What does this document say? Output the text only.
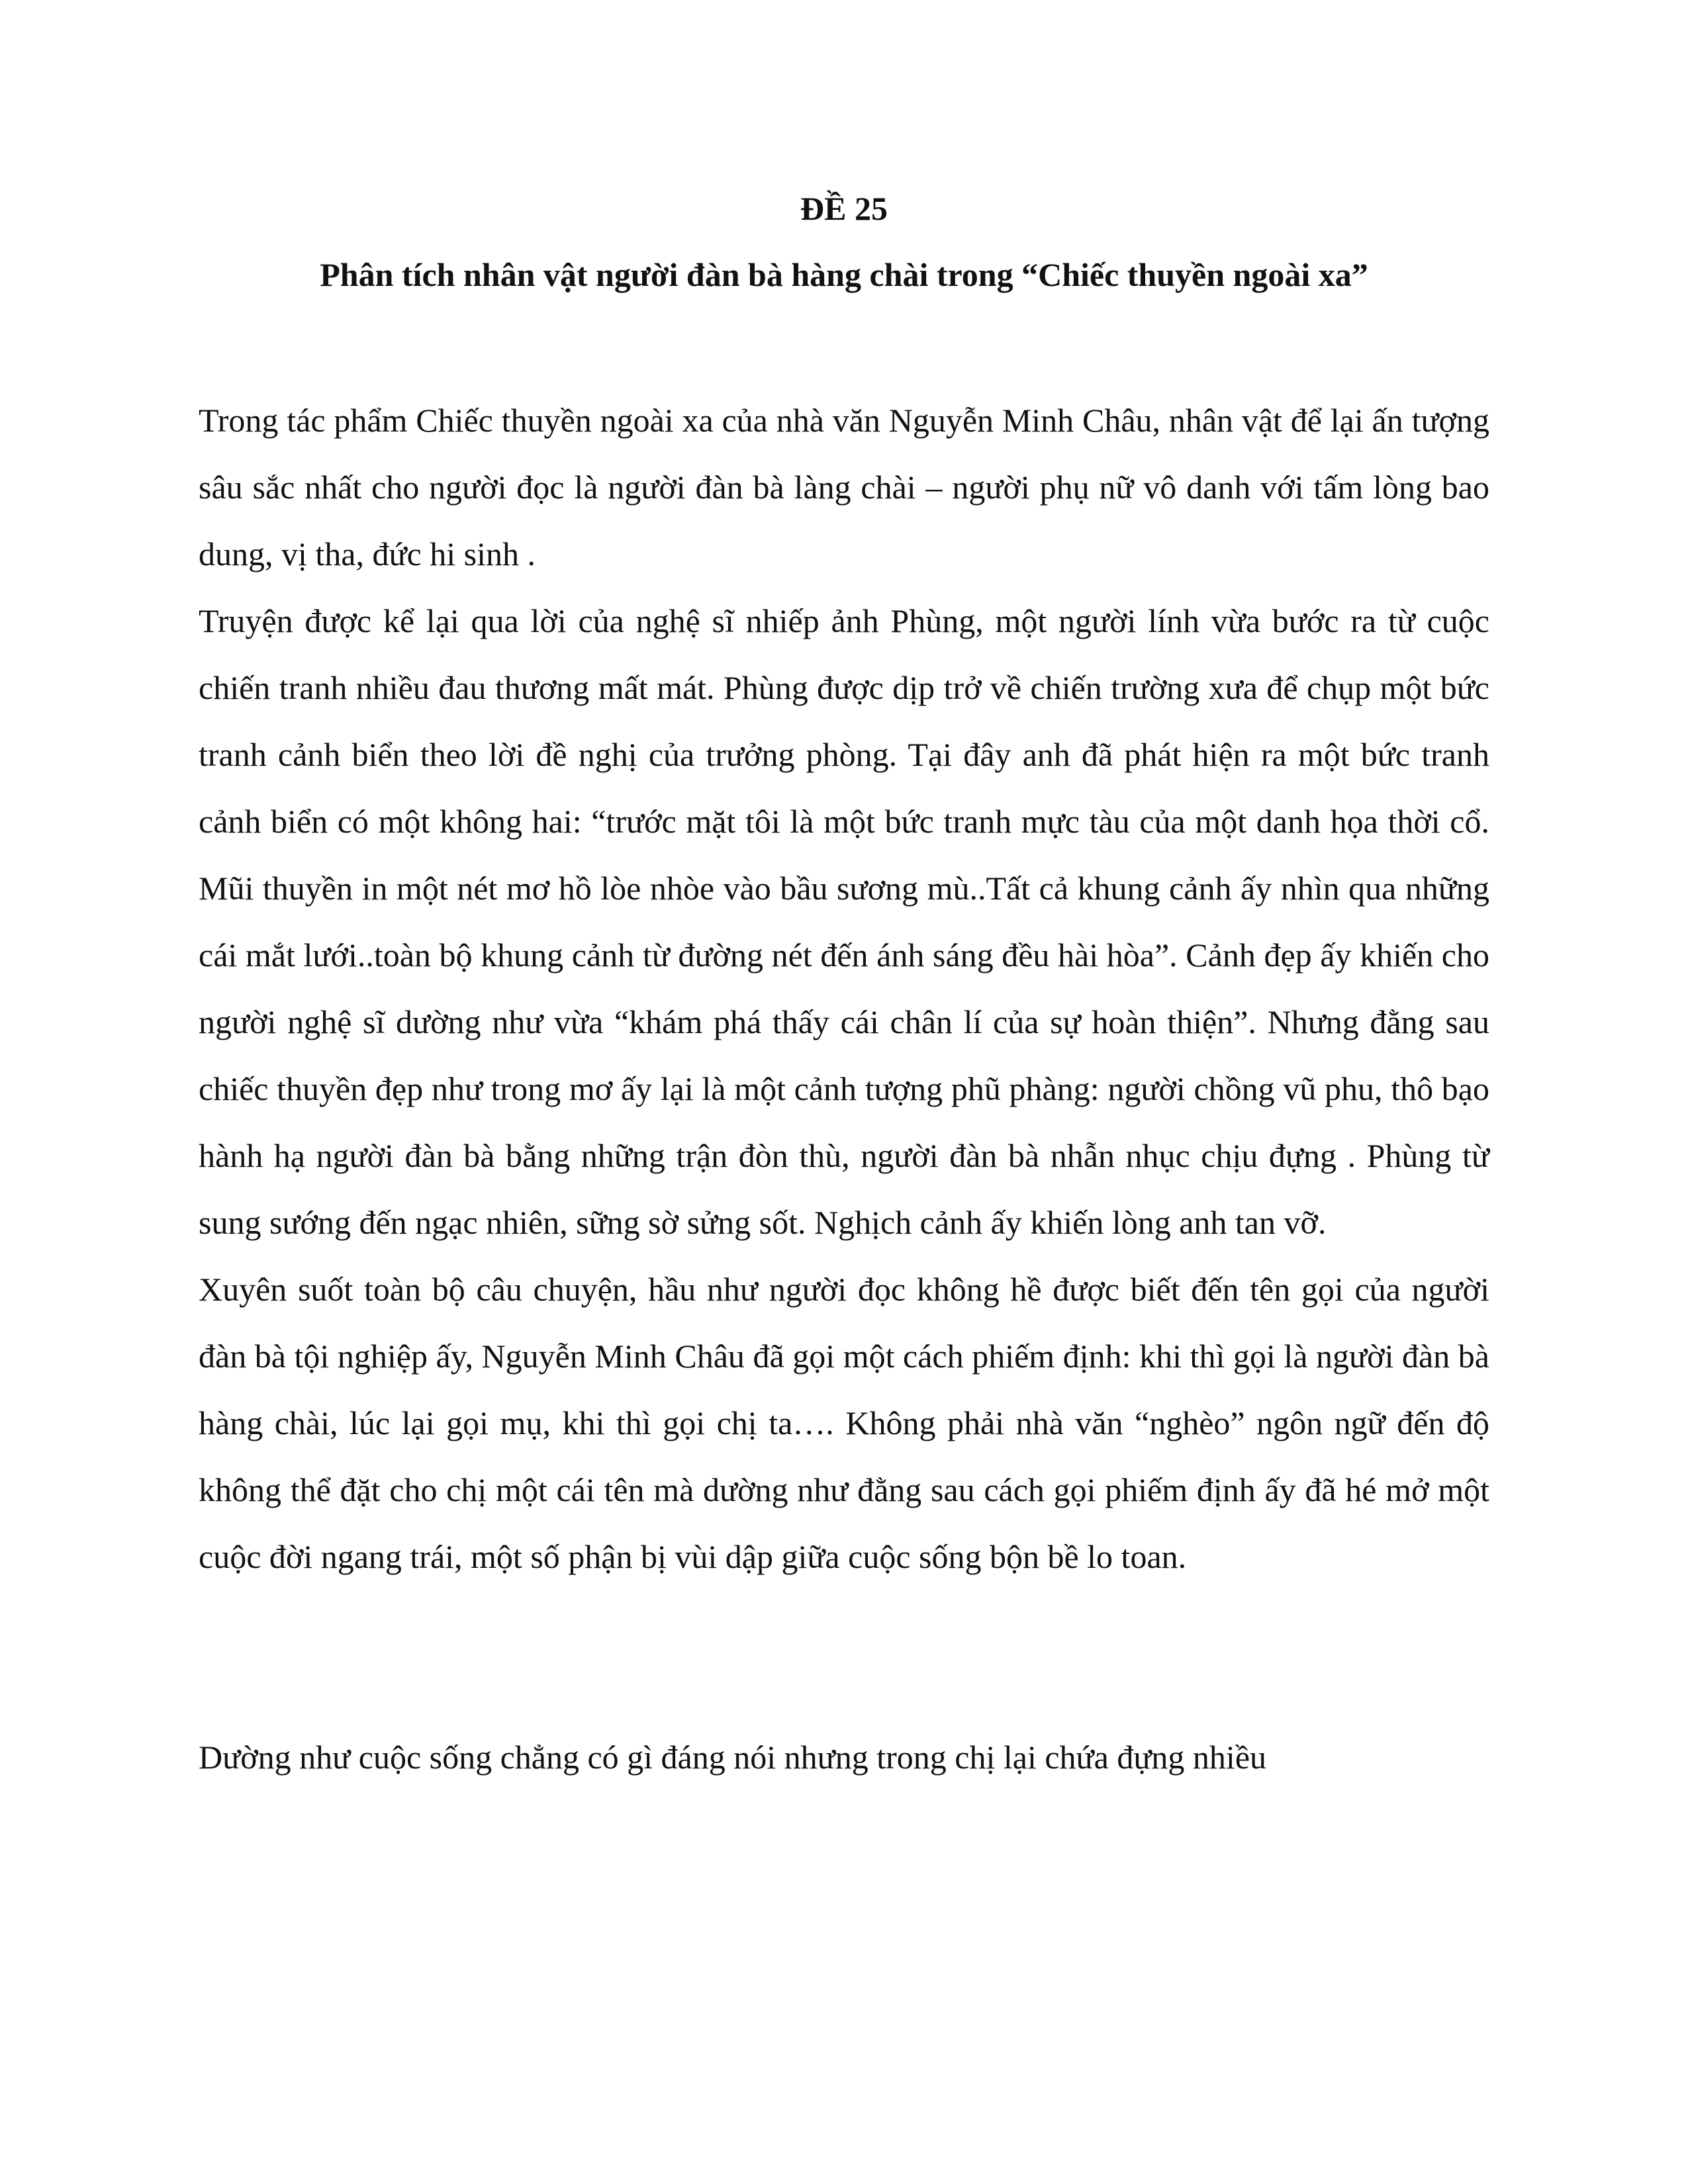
ĐỀ 25
Phân tích nhân vật người đàn bà hàng chài trong “Chiếc thuyền ngoài xa”

Trong tác phẩm Chiếc thuyền ngoài xa của nhà văn Nguyễn Minh Châu, nhân vật để lại ấn tượng sâu sắc nhất cho người đọc là người đàn bà làng chài – người phụ nữ vô danh với tấm lòng bao dung, vị tha, đức hi sinh .

Truyện được kể lại qua lời của nghệ sĩ nhiếp ảnh Phùng, một người lính vừa bước ra từ cuộc chiến tranh nhiều đau thương mất mát. Phùng được dịp trở về chiến trường xưa để chụp một bức tranh cảnh biển theo lời đề nghị của trưởng phòng. Tại đây anh đã phát hiện ra một bức tranh cảnh biển có một không hai: “trước mặt tôi là một bức tranh mực tàu của một danh họa thời cổ. Mũi thuyền in một nét mơ hồ lòe nhòe vào bầu sương mù..Tất cả khung cảnh ấy nhìn qua những cái mắt lưới..toàn bộ khung cảnh từ đường nét đến ánh sáng đều hài hòa”. Cảnh đẹp ấy khiến cho người nghệ sĩ dường như vừa “khám phá thấy cái chân lí của sự hoàn thiện”. Nhưng đằng sau chiếc thuyền đẹp như trong mơ ấy lại là một cảnh tượng phũ phàng: người chồng vũ phu, thô bạo hành hạ người đàn bà bằng những trận đòn thù, người đàn bà nhẫn nhục chịu đựng . Phùng từ sung sướng đến ngạc nhiên, sững sờ sửng sốt. Nghịch cảnh ấy khiến lòng anh tan vỡ.

Xuyên suốt toàn bộ câu chuyện, hầu như người đọc không hề được biết đến tên gọi của người đàn bà tội nghiệp ấy, Nguyễn Minh Châu đã gọi một cách phiếm định: khi thì gọi là người đàn bà hàng chài, lúc lại gọi mụ, khi thì gọi chị ta…. Không phải nhà văn “nghèo” ngôn ngữ đến độ không thể đặt cho chị một cái tên mà dường như đằng sau cách gọi phiếm định ấy đã hé mở một cuộc đời ngang trái, một số phận bị vùi dập giữa cuộc sống bộn bề lo toan.

Dường như cuộc sống chẳng có gì đáng nói nhưng trong chị lại chứa đựng nhiều
